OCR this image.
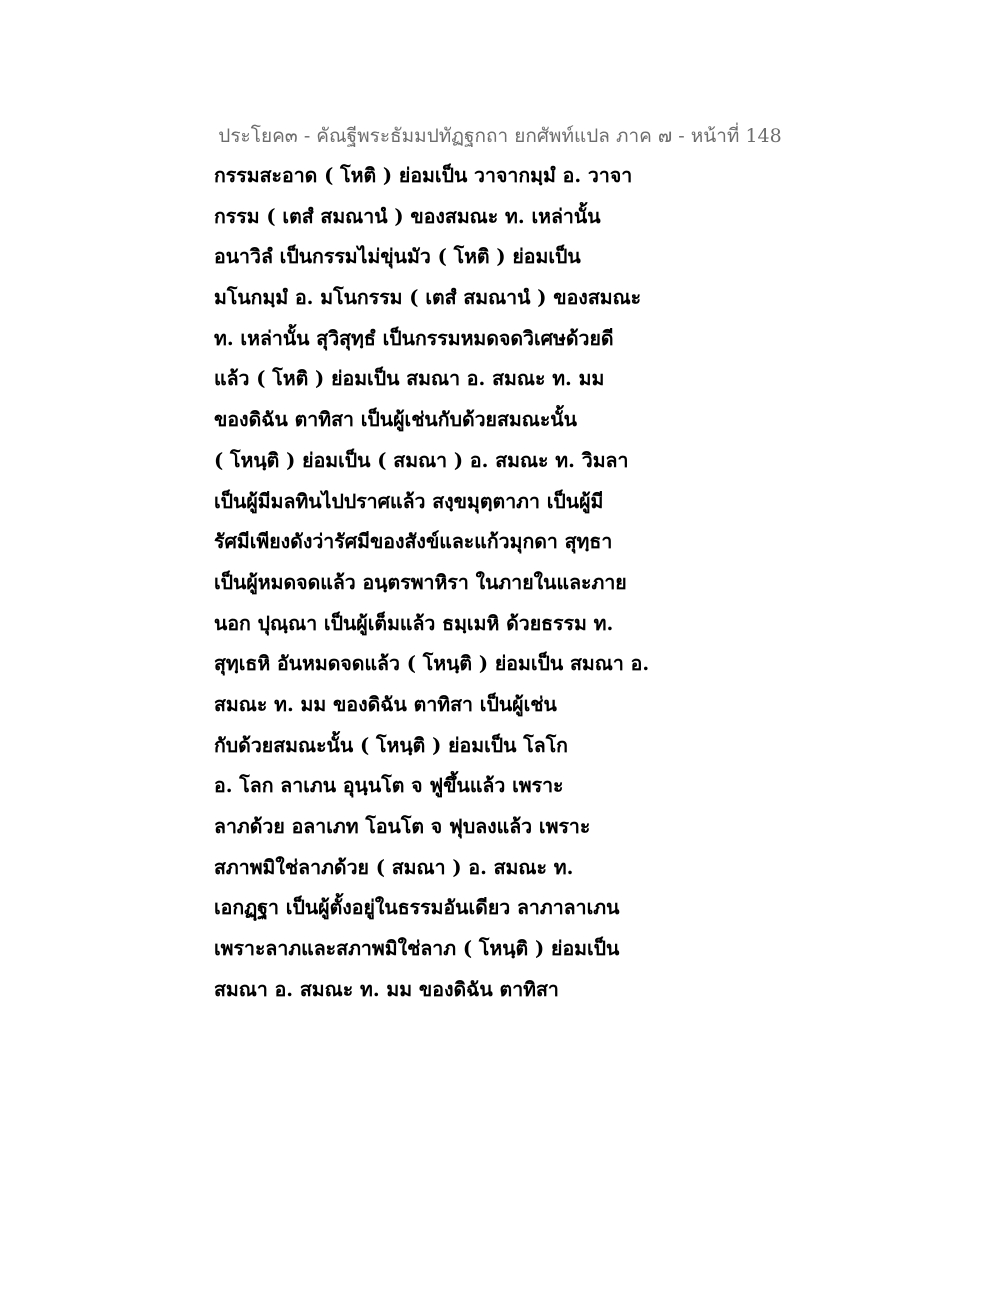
ประโยค๓ - คัณฐีพระธัมมปทัฏฐกถา ยกศัพท์แปล ภาค ๗ - หน้าที่ 148
กรรมสะอาด ( โหติ ) ย่อมเป็น วาจากมฺมํ อ. วาจา
กรรม ( เตสํ สมณานํ ) ของสมณะ ท. เหล่านั้น
อนาวิลํ เป็นกรรมไม่ขุ่นมัว ( โหติ ) ย่อมเป็น
มโนกมฺมํ อ. มโนกรรม ( เตสํ สมณานํ ) ของสมณะ
ท. เหล่านั้น สุวิสุทฺธํ เป็นกรรมหมดจดวิเศษด้วยดี
แล้ว ( โหติ ) ย่อมเป็น สมณา อ. สมณะ ท. มม
ของดิฉัน ตาทิสา เป็นผู้เช่นกับด้วยสมณะนั้น
( โหนฺติ ) ย่อมเป็น ( สมณา ) อ. สมณะ ท. วิมลา
เป็นผู้มีมลทินไปปราศแล้ว สงฺขมุตฺตาภา เป็นผู้มี
รัศมีเพียงดังว่ารัศมีของสังข์และแก้วมุกดา สุทฺธา
เป็นผู้หมดจดแล้ว อนฺตรพาหิรา ในภายในและภาย
นอก ปุณฺณา เป็นผู้เต็มแล้ว ธมฺเมหิ ด้วยธรรม ท.
สุทฺเธหิ อันหมดจดแล้ว ( โหนฺติ ) ย่อมเป็น สมณา อ.
สมณะ ท. มม ของดิฉัน ตาทิสา เป็นผู้เช่น
กับด้วยสมณะนั้น ( โหนฺติ ) ย่อมเป็น โลโก
อ. โลก ลาเภน อุนฺนโต จ ฟูขึ้นแล้ว เพราะ
ลาภด้วย อลาเภท โอนโต จ ฟุบลงแล้ว เพราะ
สภาพมิใช่ลาภด้วย ( สมณา ) อ. สมณะ ท.
เอกฏฺฐา เป็นผู้ตั้งอยู่ในธรรมอันเดียว ลาภาลาเภน
เพราะลาภและสภาพมิใช่ลาภ ( โหนฺติ ) ย่อมเป็น
สมณา อ. สมณะ ท. มม ของดิฉัน ตาทิสา
